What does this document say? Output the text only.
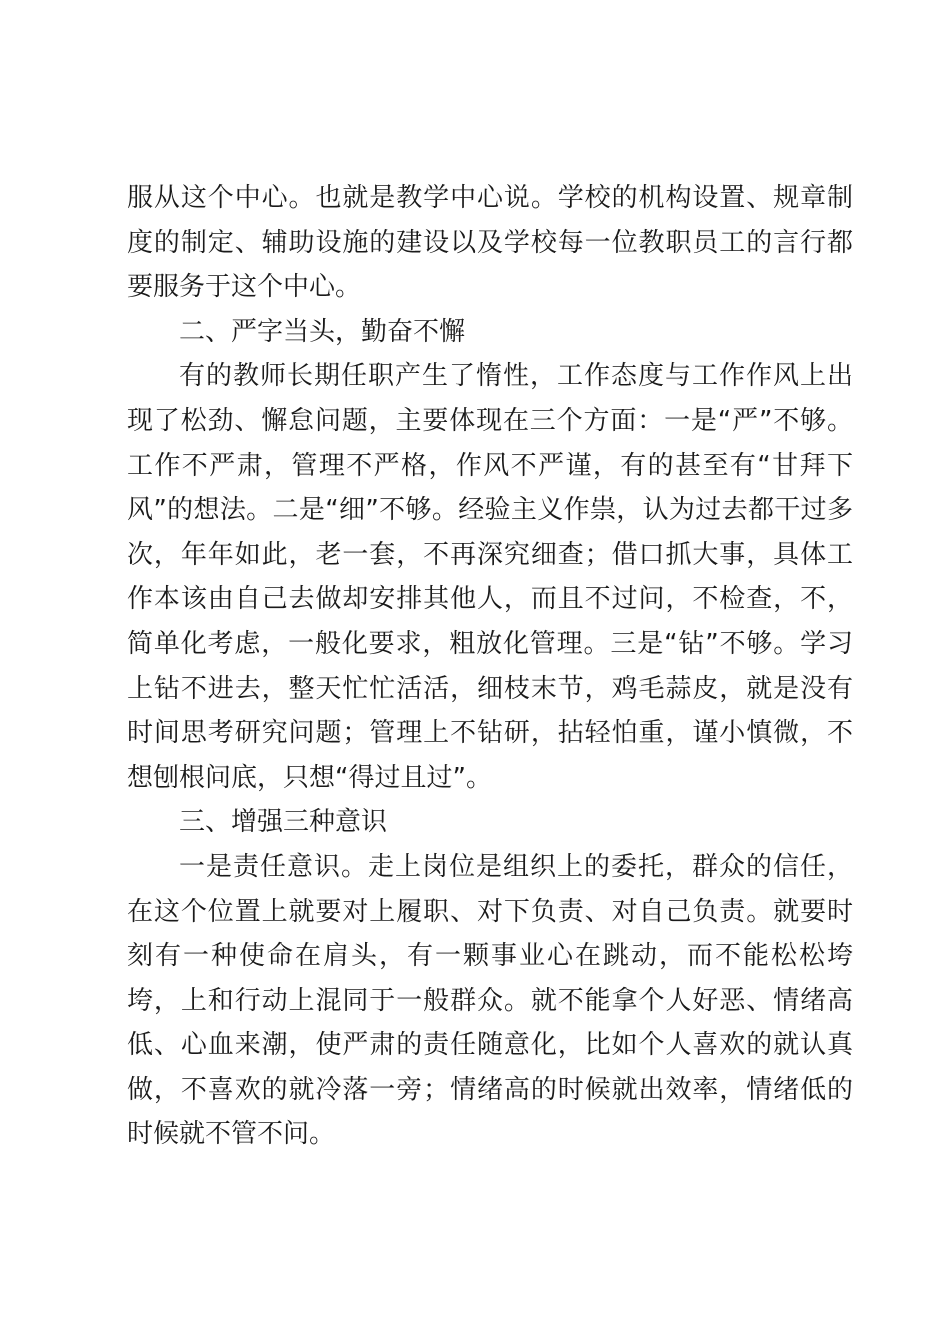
服从这个中心。也就是教学中心说。学校的机构设置、规章制度的制定、辅助设施的建设以及学校每一位教职员工的言行都要服务于这个中心。

二、严字当头，勤奋不懈

有的教师长期任职产生了惰性，工作态度与工作作风上出现了松劲、懈怠问题，主要体现在三个方面：一是“严”不够。工作不严肃，管理不严格，作风不严谨，有的甚至有“甘拜下风”的想法。二是“细”不够。经验主义作祟，认为过去都干过多次，年年如此，老一套，不再深究细查；借口抓大事，具体工作本该由自己去做却安排其他人，而且不过问，不检查，不，简单化考虑，一般化要求，粗放化管理。三是“钻”不够。学习上钻不进去，整天忙忙活活，细枝末节，鸡毛蒜皮，就是没有时间思考研究问题；管理上不钻研，拈轻怕重，谨小慎微，不想刨根问底，只想“得过且过”。

三、增强三种意识

一是责任意识。走上岗位是组织上的委托，群众的信任，在这个位置上就要对上履职、对下负责、对自己负责。就要时刻有一种使命在肩头，有一颗事业心在跳动，而不能松松垮垮，上和行动上混同于一般群众。就不能拿个人好恶、情绪高低、心血来潮，使严肃的责任随意化，比如个人喜欢的就认真做，不喜欢的就冷落一旁；情绪高的时候就出效率，情绪低的时候就不管不问。
